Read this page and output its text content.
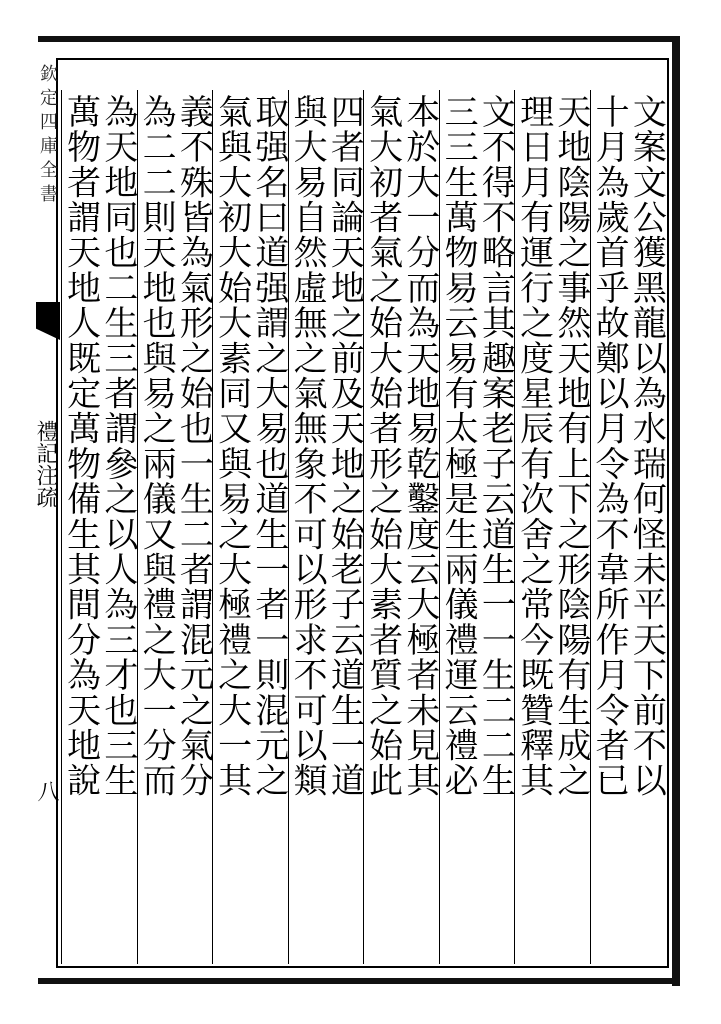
欽定四庫全書
禮記注疏
八	文案文公獲黑龍以為水瑞何怪未平天下前不以
十月為歲首乎故鄭以月令為不韋所作月令者已
天地陰陽之事然天地有上下之形陰陽有生成之
理日月有運行之度星辰有次舍之常今既贊釋其
文不得不略言其趣案老子云道生一一生二二生
三三生萬物易云易有太極是生兩儀禮運云禮必
本於大一分而為天地易乾鑿度云大極者未見其
氣大初者氣之始大始者形之始大素者質之始此
四者同論天地之前及天地之始老子云道生一道
與大易自然虛無之氣無象不可以形求不可以類
取强名曰道强謂之大易也道生一者一則混元之
氣與大初大始大素同又與易之大極禮之大一其
義不殊皆為氣形之始也一生二者謂混元之氣分
為二二則天地也與易之兩儀又與禮之大一分而
為天地同也二生三者謂參之以人為三才也三生
萬物者謂天地人既定萬物備生其間分為天地說
